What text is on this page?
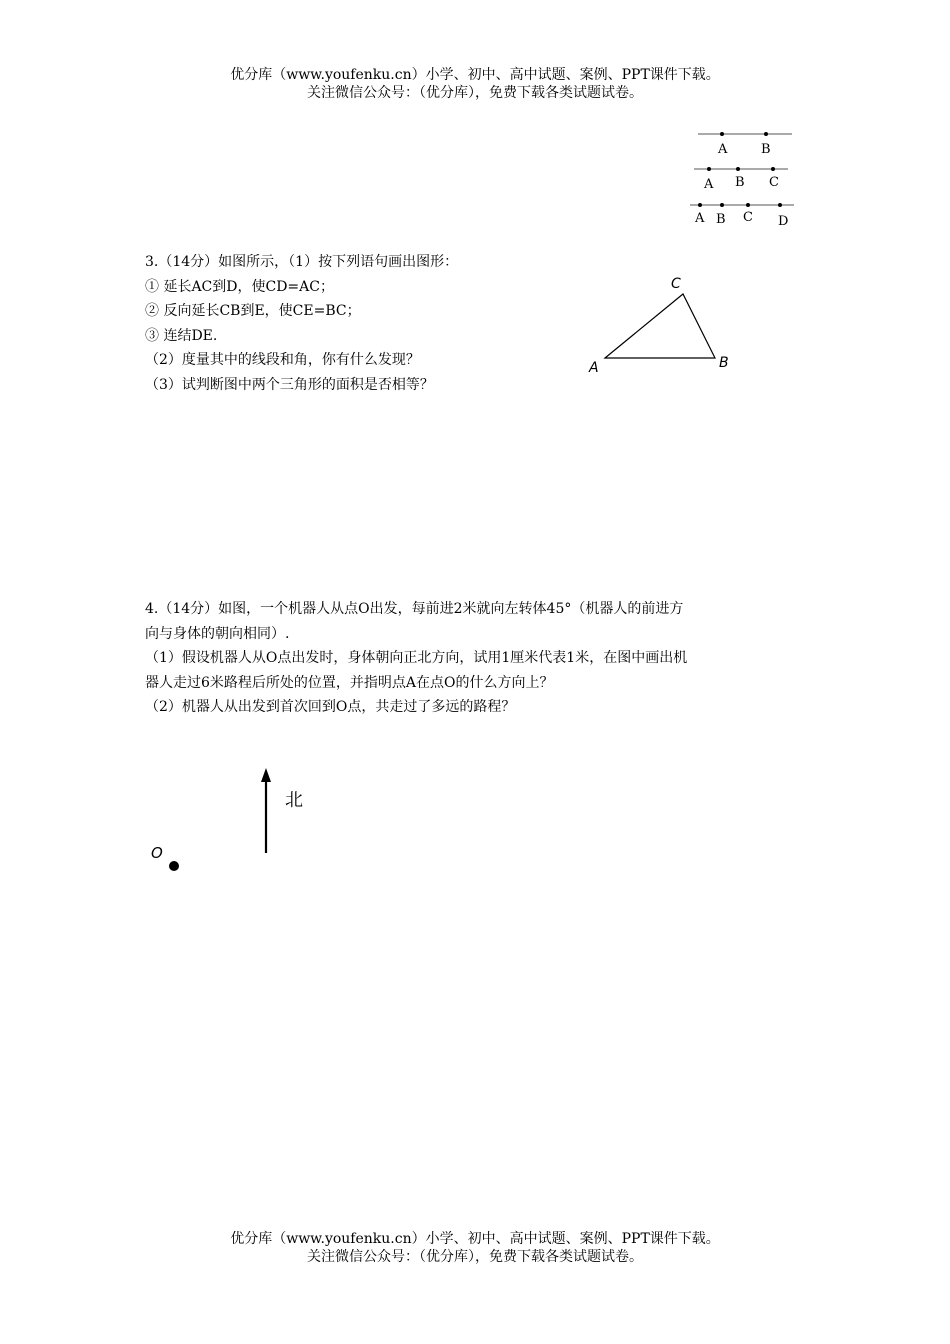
优分库（www.youfenku.cn）小学、初中、高中试题、案例、PPT课件下载。
关注微信公众号：（优分库），免费下载各类试题试卷。
A	B
A B C
A B C D

3.（14分）如图所示，（1）按下列语句画出图形：

① 延长AC到D，使CD=AC；

② 反向延长CB到E，使CE=BC；

③ 连结DE.

（2）度量其中的线段和角，你有什么发现？

（3）试判断图中两个三角形的面积是否相等？

C
A	B

4.（14分）如图，一个机器人从点O出发，每前进2米就向左转体45°（机器人的前进方

向与身体的朝向相同）.

（1）假设机器人从O点出发时，身体朝向正北方向，试用1厘米代表1米，在图中画出机

器人走过6米路程后所处的位置，并指明点A在点O的什么方向上？

（2）机器人从出发到首次回到O点，共走过了多远的路程？

北
O
优分库（www.youfenku.cn）小学、初中、高中试题、案例、PPT课件下载。
关注微信公众号：（优分库），免费下载各类试题试卷。
